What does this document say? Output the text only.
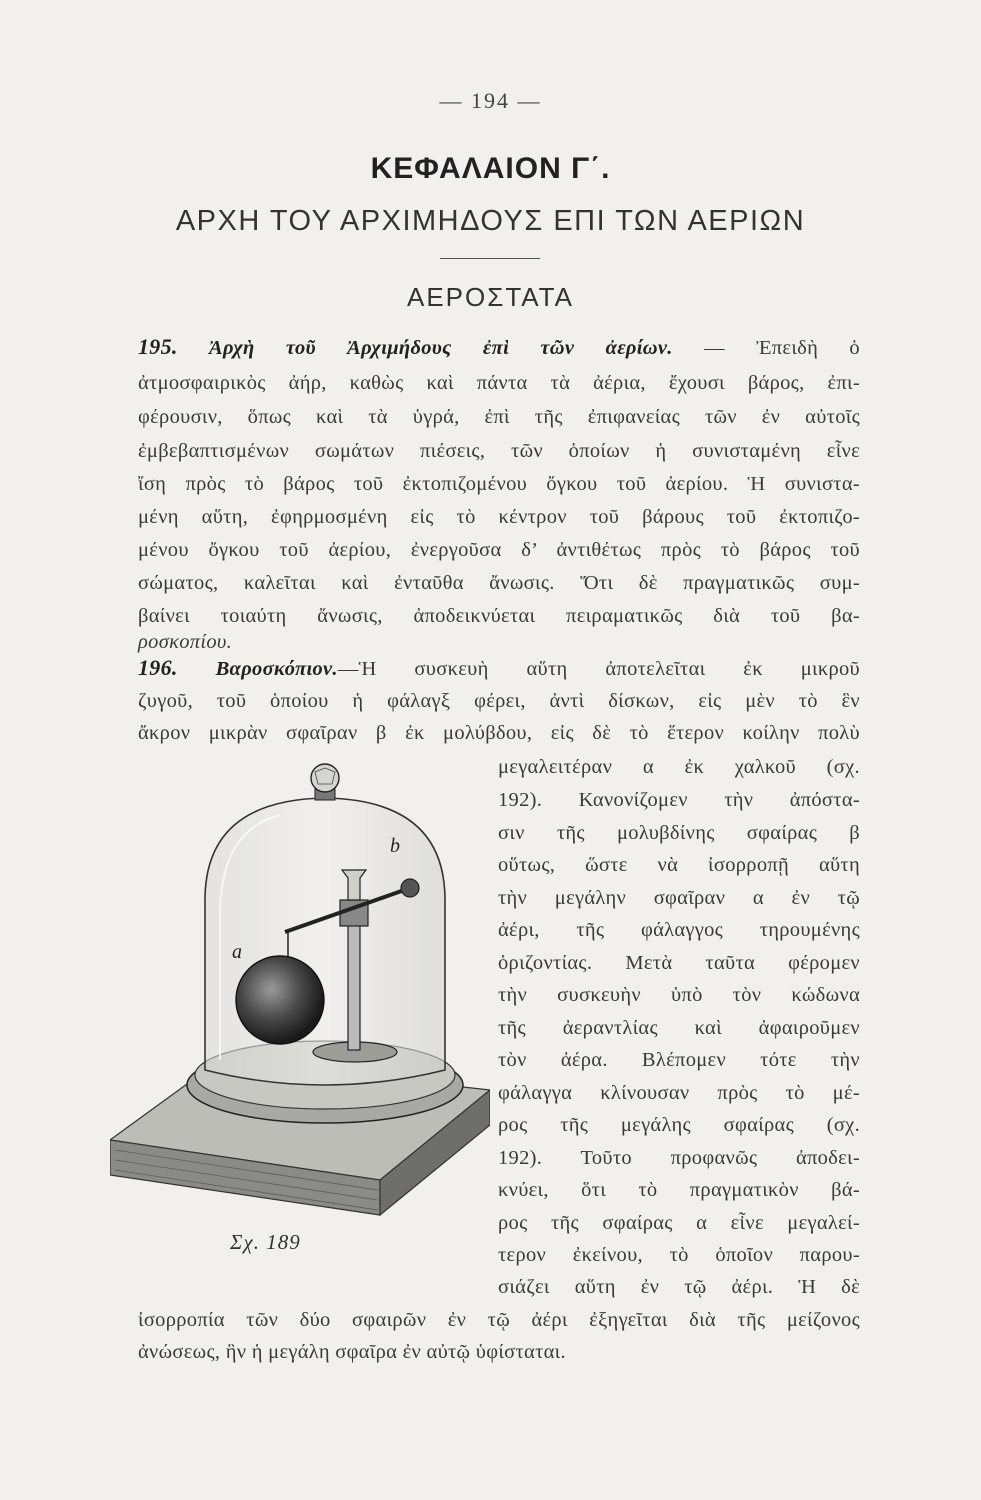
— 194 —
ΚΕΦΑΛΑΙΟΝ Γ΄.
ΑΡΧΗ ΤΟΥ ΑΡΧΙΜΗΔΟΥΣ ΕΠΙ ΤΩΝ ΑΕΡΙΩΝ
ΑΕΡΟΣΤΑΤΑ
195. Ἀρχὴ τοῦ Ἀρχιμήδους ἐπὶ τῶν ἀερίων. — Ἐπειδὴ ὁ
ἀτμοσφαιρικὸς ἀήρ, καθὼς καὶ πάντα τὰ ἀέρια, ἔχουσι βάρος, ἐπι-
φέρουσιν, ὅπως καὶ τὰ ὑγρά, ἐπὶ τῆς ἐπιφανείας τῶν ἐν αὐτοῖς
ἐμβεβαπτισμένων σωμάτων πιέσεις, τῶν ὁποίων ἡ συνισταμένη εἶνε
ἴση πρὸς τὸ βάρος τοῦ ἐκτοπιζομένου ὄγκου τοῦ ἀερίου. Ἡ συνιστα-
μένη αὕτη, ἐφηρμοσμένη εἰς τὸ κέντρον τοῦ βάρους τοῦ ἐκτοπιζο-
μένου ὄγκου τοῦ ἀερίου, ἐνεργοῦσα δ’ ἀντιθέτως πρὸς τὸ βάρος τοῦ
σώματος, καλεῖται καὶ ἐνταῦθα ἄνωσις. Ὅτι δὲ πραγματικῶς συμ-
βαίνει τοιαύτη ἄνωσις, ἀποδεικνύεται πειραματικῶς διὰ τοῦ βα-
ροσκοπίου.
196. Βαροσκόπιον.—Ἡ συσκευὴ αὕτη ἀποτελεῖται ἐκ μικροῦ
ζυγοῦ, τοῦ ὁποίου ἡ φάλαγξ φέρει, ἀντὶ δίσκων, εἰς μὲν τὸ ἓν
ἄκρον μικρὰν σφαῖραν β ἐκ μολύβδου, εἰς δὲ τὸ ἕτερον κοίλην πολὺ
μεγαλειτέραν α ἐκ χαλκοῦ (σχ.
192). Κανονίζομεν τὴν ἀπόστα-
σιν τῆς μολυβδίνης σφαίρας β
οὕτως, ὥστε νὰ ἰσορροπῇ αὕτη
τὴν μεγάλην σφαῖραν α ἐν τῷ
ἀέρι, τῆς φάλαγγος τηρουμένης
ὁριζοντίας. Μετὰ ταῦτα φέρομεν
τὴν συσκευὴν ὑπὸ τὸν κώδωνα
τῆς ἀεραντλίας καὶ ἀφαιροῦμεν
τὸν ἀέρα. Βλέπομεν τότε τὴν
φάλαγγα κλίνουσαν πρὸς τὸ μέ-
ρος τῆς μεγάλης σφαίρας (σχ.
192). Τοῦτο προφανῶς ἀποδει-
κνύει, ὅτι τὸ πραγματικὸν βά-
ρος τῆς σφαίρας α εἶνε μεγαλεί-
τερον ἐκείνου, τὸ ὁποῖον παρου-
σιάζει αὕτη ἐν τῷ ἀέρι. Ἡ δὲ
ἰσορροπία τῶν δύο σφαιρῶν ἐν τῷ ἀέρι ἐξηγεῖται διὰ τῆς μείζονος
ἀνώσεως, ἣν ἡ μεγάλη σφαῖρα ἐν αὐτῷ ὑφίσταται.
b
a
Σχ. 189
